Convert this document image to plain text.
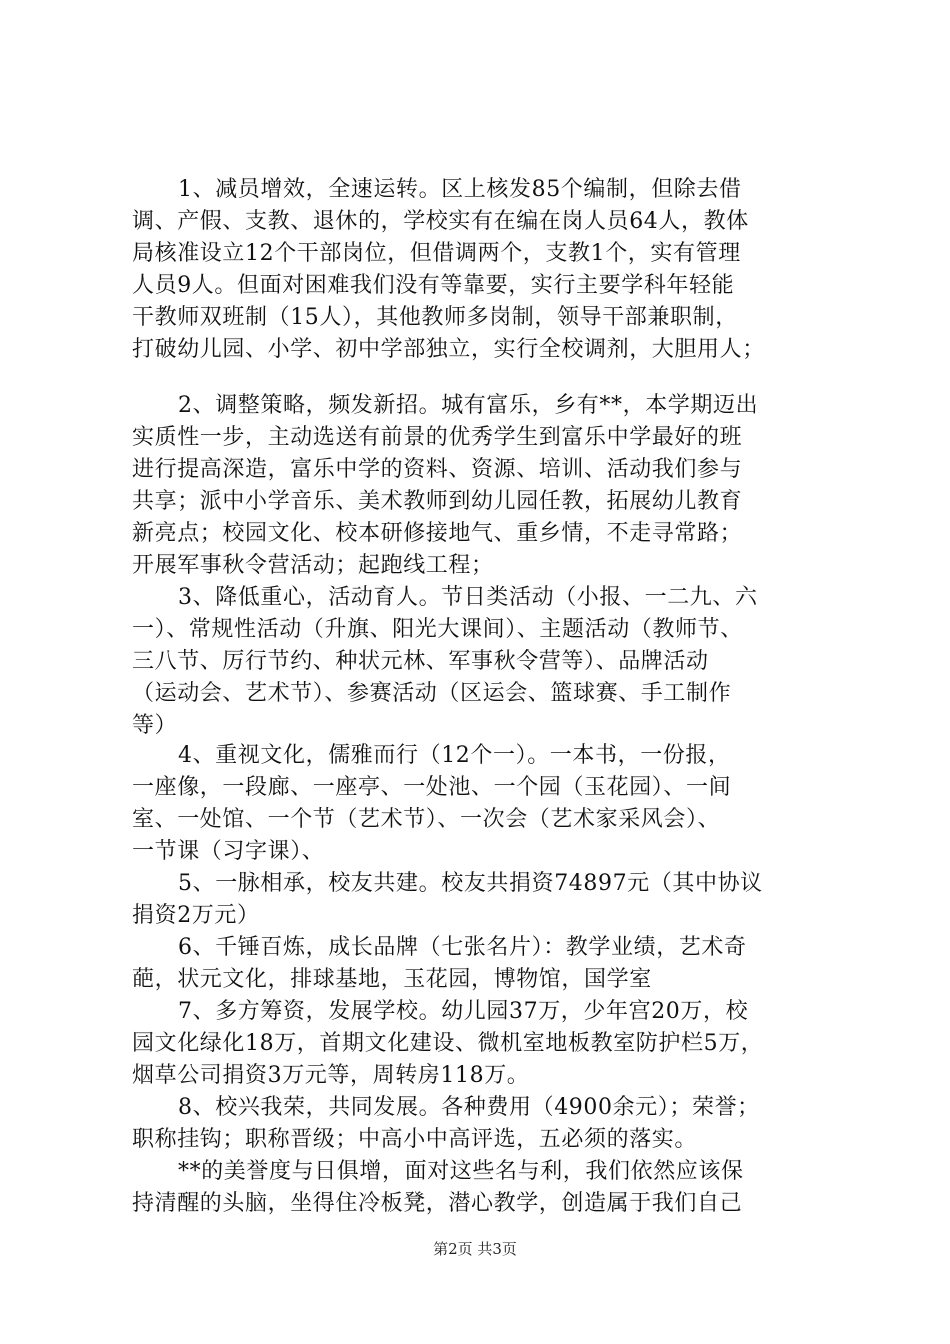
1、减员增效，全速运转。区上核发85个编制，但除去借
调、产假、支教、退休的，学校实有在编在岗人员64人，教体
局核准设立12个干部岗位，但借调两个，支教1个，实有管理
人员9人。但面对困难我们没有等靠要，实行主要学科年轻能
干教师双班制（15人），其他教师多岗制，领导干部兼职制，
打破幼儿园、小学、初中学部独立，实行全校调剂，大胆用人；
2、调整策略，频发新招。城有富乐，乡有**，本学期迈出
实质性一步，主动选送有前景的优秀学生到富乐中学最好的班
进行提高深造，富乐中学的资料、资源、培训、活动我们参与
共享；派中小学音乐、美术教师到幼儿园任教，拓展幼儿教育
新亮点；校园文化、校本研修接地气、重乡情，不走寻常路；
开展军事秋令营活动；起跑线工程；
3、降低重心，活动育人。节日类活动（小报、一二九、六
一）、常规性活动（升旗、阳光大课间）、主题活动（教师节、
三八节、厉行节约、种状元林、军事秋令营等）、品牌活动
（运动会、艺术节）、参赛活动（区运会、篮球赛、手工制作
等）
4、重视文化，儒雅而行（12个一）。一本书，一份报，
一座像，一段廊、一座亭、一处池、一个园（玉花园）、一间
室、一处馆、一个节（艺术节）、一次会（艺术家采风会）、
一节课（习字课）、
5、一脉相承，校友共建。校友共捐资74897元（其中协议
捐资2万元）
6、千锤百炼，成长品牌（七张名片）：教学业绩，艺术奇
葩，状元文化，排球基地，玉花园，博物馆，国学室
7、多方筹资，发展学校。幼儿园37万，少年宫20万，校
园文化绿化18万，首期文化建设、微机室地板教室防护栏5万，
烟草公司捐资3万元等，周转房118万。
8、校兴我荣，共同发展。各种费用（4900余元）；荣誉；
职称挂钩；职称晋级；中高小中高评选，五必须的落实。
**的美誉度与日俱增，面对这些名与利，我们依然应该保
持清醒的头脑，坐得住冷板凳，潜心教学，创造属于我们自己
第2页 共3页
